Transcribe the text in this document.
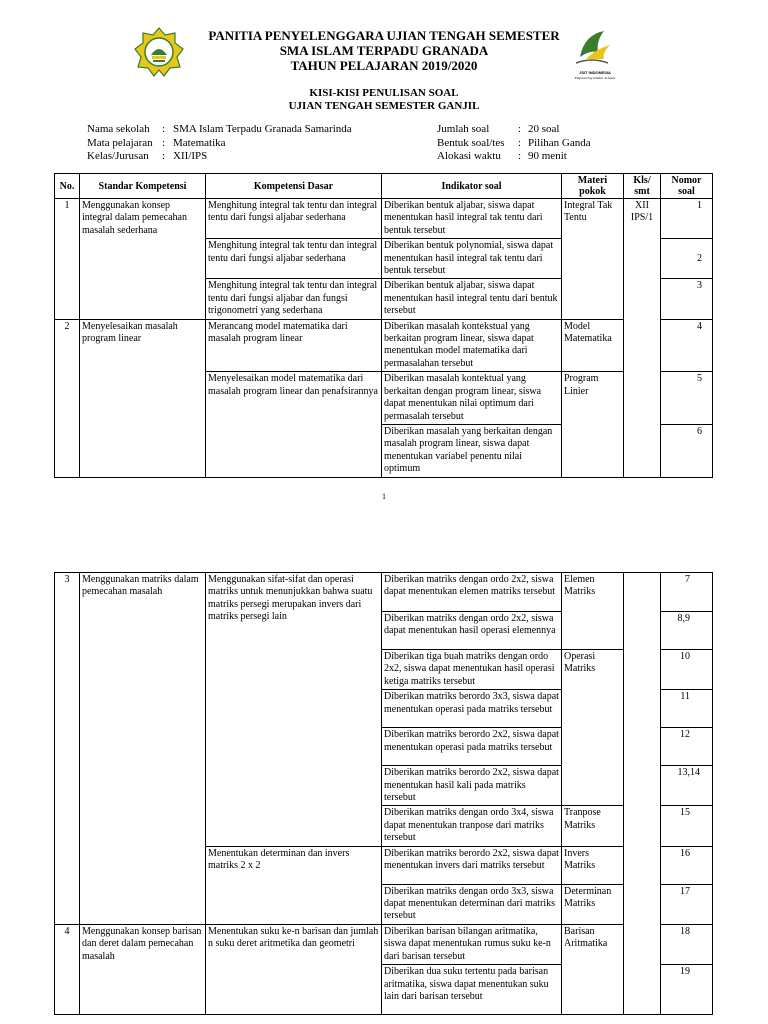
JSIT INDONESIA
Empowering Islamic Schools
PANITIA PENYELENGGARA UJIAN TENGAH SEMESTER
SMA ISLAM TERPADU GRANADA
TAHUN PELAJARAN 2019/2020
KISI-KISI PENULISAN SOAL
UJIAN TENGAH SEMESTER GANJIL
Nama sekolah	: SMA Islam Terpadu Granada Samarinda
Mata pelajaran : Matematika
Kelas/Jurusan	: XII/IPS
Jumlah soal	: 20 soal
Bentuk soal/tes	: Pilihan Ganda
Alokasi waktu	: 90 menit
No.	Standar Kompetensi	Kompetensi Dasar	Indikator soal	Materi pokok	Kls/ smt	Nomor soal
1	Menggunakan konsep integral dalam pemecahan masalah sederhana	Menghitung integral tak tentu dan integral tentu dari fungsi aljabar sederhana	Diberikan bentuk aljabar, siswa dapat menentukan hasil integral tak tentu dari bentuk tersebut	Integral Tak Tentu	XII IPS/1	1
		Menghitung integral tak tentu dan integral tentu dari fungsi aljabar sederhana	Diberikan bentuk polynomial, siswa dapat menentukan hasil integral tak tentu dari bentuk tersebut			2
		Menghitung integral tak tentu dan integral tentu dari fungsi aljabar dan fungsi trigonometri yang sederhana	Diberikan bentuk aljabar, siswa dapat menentukan hasil integral tentu dari bentuk tersebut			3
2	Menyelesaikan masalah program linear	Merancang model matematika dari masalah program linear	Diberikan masalah kontekstual yang berkaitan program linear, siswa dapat menentukan model matematika dari permasalahan tersebut	Model Matematika		4
		Menyelesaikan model matematika dari masalah program linear dan penafsirannya	Diberikan masalah kontektual yang berkaitan dengan program linear, siswa dapat menentukan nilai optimum dari permasalah tersebut	Program Linier		5
			Diberikan masalah yang berkaitan dengan masalah program linear, siswa dapat menentukan variabel penentu nilai optimum			6
1
3	Menggunakan matriks dalam pemecahan masalah	Menggunakan sifat-sifat dan operasi matriks untuk menunjukkan bahwa suatu matriks persegi merupakan invers dari matriks persegi lain	Diberikan matriks dengan ordo 2x2, siswa dapat menentukan elemen matriks tersebut	Elemen Matriks		7
			Diberikan matriks dengan ordo 2x2, siswa dapat menentukan hasil operasi elemennya			8,9
			Diberikan tiga buah matriks dengan ordo 2x2, siswa dapat menentukan hasil operasi ketiga matriks tersebut	Operasi Matriks		10
			Diberikan matriks berordo 3x3, siswa dapat menentukan operasi pada matriks tersebut			11
			Diberikan matriks berordo 2x2, siswa dapat menentukan operasi pada matriks tersebut			12
			Diberikan matriks berordo 2x2, siswa dapat menentukan hasil kali pada matriks tersebut			13,14
			Diberikan matriks dengan ordo 3x4, siswa dapat menentukan tranpose dari matriks tersebut	Tranpose Matriks		15
		Menentukan determinan dan invers matriks 2 x 2	Diberikan matriks berordo 2x2, siswa dapat menentukan invers dari matriks tersebut	Invers Matriks		16
			Diberikan matriks dengan ordo 3x3, siswa dapat menentukan determinan dari matriks tersebut	Determinan Matriks		17
4	Menggunakan konsep barisan dan deret dalam pemecahan masalah	Menentukan suku ke-n barisan dan jumlah n suku deret aritmetika dan geometri	Diberikan barisan bilangan aritmatika, siswa dapat menentukan rumus suku ke-n dari barisan tersebut	Barisan Aritmatika		18
			Diberikan dua suku tertentu pada barisan aritmatika, siswa dapat menentukan suku lain dari barisan tersebut			19
